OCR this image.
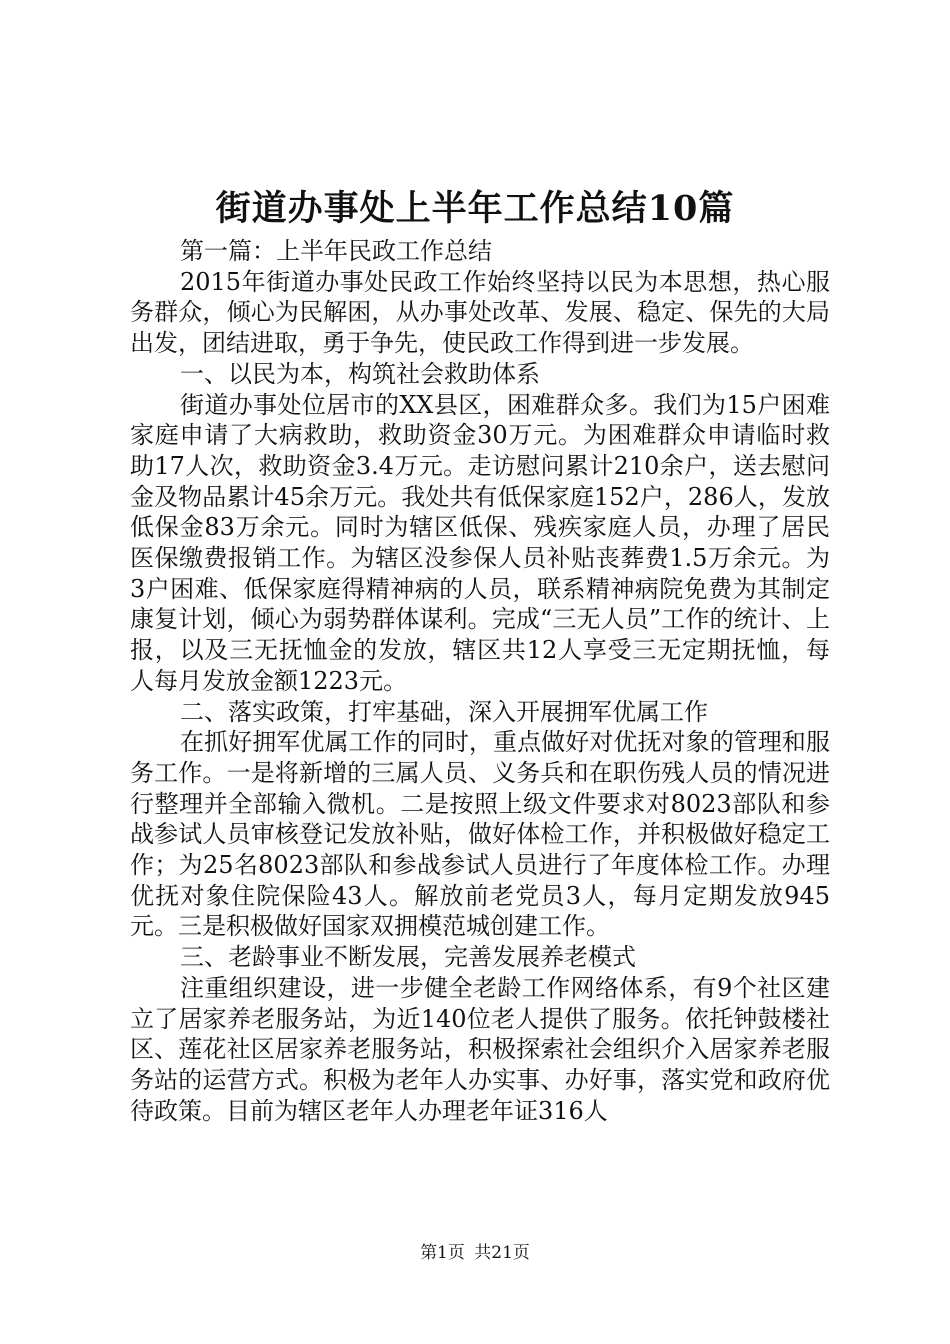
街道办事处上半年工作总结10篇

第一篇：上半年民政工作总结

2015年街道办事处民政工作始终坚持以民为本思想，热心服务群众，倾心为民解困，从办事处改革、发展、稳定、保先的大局出发，团结进取，勇于争先，使民政工作得到进一步发展。

一、以民为本，构筑社会救助体系

街道办事处位居市的XX县区，困难群众多。我们为15户困难家庭申请了大病救助，救助资金30万元。为困难群众申请临时救助17人次，救助资金3.4万元。走访慰问累计210余户，送去慰问金及物品累计45余万元。我处共有低保家庭152户，286人，发放低保金83万余元。同时为辖区低保、残疾家庭人员，办理了居民医保缴费报销工作。为辖区没参保人员补贴丧葬费1.5万余元。为3户困难、低保家庭得精神病的人员，联系精神病院免费为其制定康复计划，倾心为弱势群体谋利。完成“三无人员”工作的统计、上报，以及三无抚恤金的发放，辖区共12人享受三无定期抚恤，每人每月发放金额1223元。

二、落实政策，打牢基础，深入开展拥军优属工作

在抓好拥军优属工作的同时，重点做好对优抚对象的管理和服务工作。一是将新增的三属人员、义务兵和在职伤残人员的情况进行整理并全部输入微机。二是按照上级文件要求对8023部队和参战参试人员审核登记发放补贴，做好体检工作，并积极做好稳定工作；为25名8023部队和参战参试人员进行了年度体检工作。办理优抚对象住院保险43人。解放前老党员3人，每月定期发放945元。三是积极做好国家双拥模范城创建工作。

三、老龄事业不断发展，完善发展养老模式

注重组织建设，进一步健全老龄工作网络体系，有9个社区建立了居家养老服务站，为近140位老人提供了服务。依托钟鼓楼社区、莲花社区居家养老服务站，积极探索社会组织介入居家养老服务站的运营方式。积极为老年人办实事、办好事，落实党和政府优待政策。目前为辖区老年人办理老年证316人

第1页 共21页
